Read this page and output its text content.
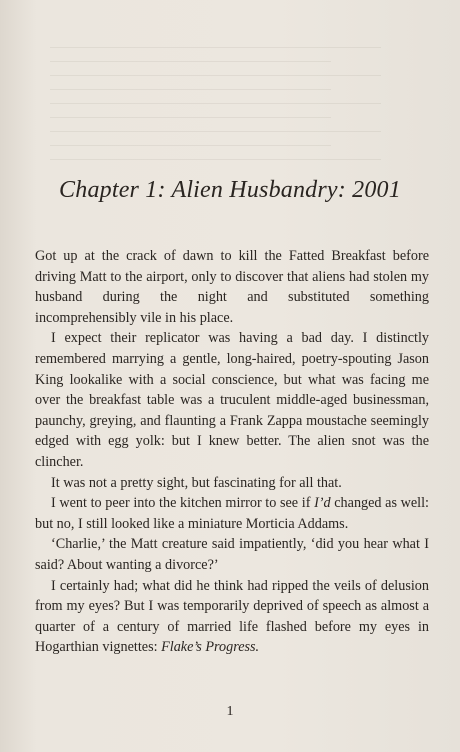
Chapter 1: Alien Husbandry: 2001

Got up at the crack of dawn to kill the Fatted Breakfast before driving Matt to the airport, only to discover that aliens had stolen my husband during the night and substituted something incomprehensibly vile in his place.

I expect their replicator was having a bad day. I distinctly remembered marrying a gentle, long-haired, poetry-spouting Jason King lookalike with a social conscience, but what was facing me over the breakfast table was a truculent middle-aged businessman, paunchy, greying, and flaunting a Frank Zappa moustache seemingly edged with egg yolk: but I knew better. The alien snot was the clincher.

It was not a pretty sight, but fascinating for all that.

I went to peer into the kitchen mirror to see if I’d changed as well: but no, I still looked like a miniature Morticia Addams.

‘Charlie,’ the Matt creature said impatiently, ‘did you hear what I said? About wanting a divorce?’

I certainly had; what did he think had ripped the veils of delusion from my eyes? But I was temporarily deprived of speech as almost a quarter of a century of married life flashed before my eyes in Hogarthian vignettes: Flake’s Progress.

1
